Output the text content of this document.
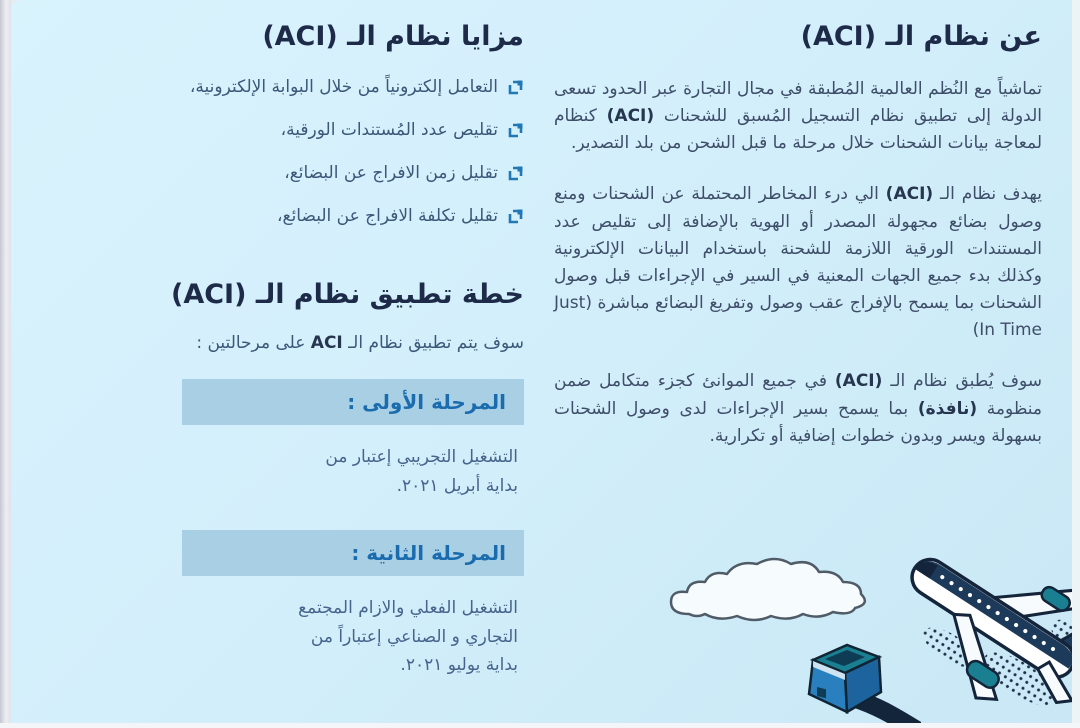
عن نظام الـ (ACI)

تماشياً مع النُظم العالمية المُطبقة في مجال التجارة عبر الحدود تسعى الدولة إلى تطبيق نظام التسجيل المُسبق للشحنات (ACI) كنظام لمعاجة بيانات الشحنات خلال مرحلة ما قبل الشحن من بلد التصدير.

يهدف نظام الـ (ACI) الي درء المخاطر المحتملة عن الشحنات ومنع وصول بضائع مجهولة المصدر أو الهوية بالإضافة إلى تقليص عدد المستندات الورقية اللازمة للشحنة باستخدام البيانات الإلكترونية وكذلك بدء جميع الجهات المعنية في السير في الإجراءات قبل وصول الشحنات بما يسمح بالإفراج عقب وصول وتفريغ البضائع مباشرة (Just In Time)

سوف يُطبق نظام الـ (ACI) في جميع الموانئ كجزء متكامل ضمن منظومة (نافذة) بما يسمح بسير الإجراءات لدى وصول الشحنات بسهولة ويسر وبدون خطوات إضافية أو تكرارية.

مزايا نظام الـ (ACI)
التعامل إلكترونياً من خلال البوابة الإلكترونية،
تقليص عدد المُستندات الورقية،
تقليل زمن الافراج عن البضائع،
تقليل تكلفة الافراج عن البضائع،
خطة تطبيق نظام الـ (ACI)

سوف يتم تطبيق نظام الـ ACI على مرحالتين :

المرحلة الأولى :
التشغيل التجريبي إعتبار من
بداية أبريل ٢٠٢١.
المرحلة الثانية :
التشغيل الفعلي والازام المجتمع
التجاري و الصناعي إعتباراً من
بداية يوليو ٢٠٢١.
